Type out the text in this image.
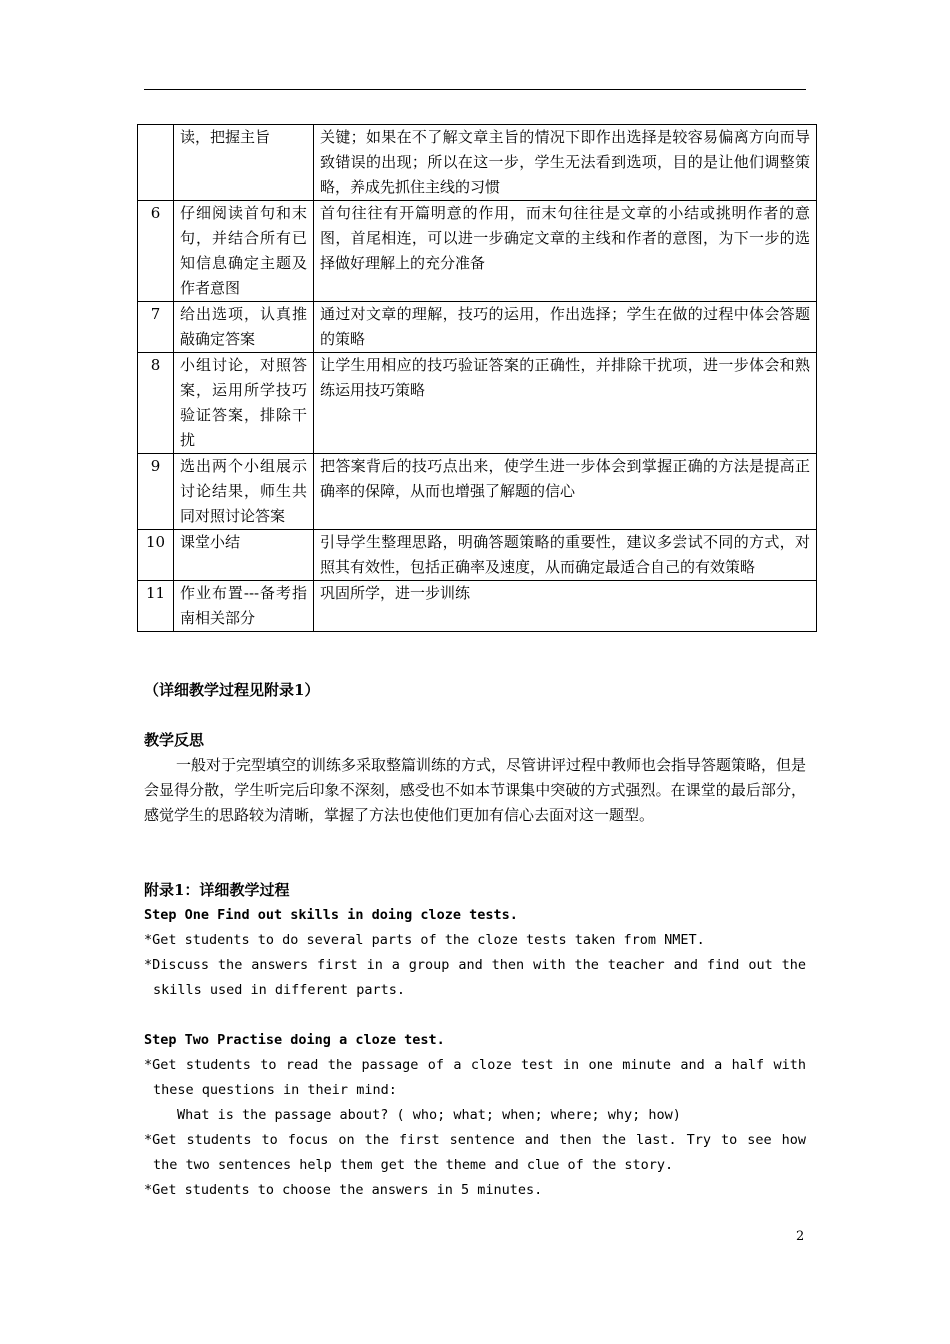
	读，把握主旨	关键；如果在不了解文章主旨的情况下即作出选择是较容易偏离方向而导致错误的出现；所以在这一步，学生无法看到选项，目的是让他们调整策略，养成先抓住主线的习惯
6	仔细阅读首句和末句，并结合所有已知信息确定主题及作者意图	首句往往有开篇明意的作用，而末句往往是文章的小结或挑明作者的意图，首尾相连，可以进一步确定文章的主线和作者的意图，为下一步的选择做好理解上的充分准备
7	给出选项，认真推敲确定答案	通过对文章的理解，技巧的运用，作出选择；学生在做的过程中体会答题的策略
8	小组讨论，对照答案，运用所学技巧验证答案，排除干扰	让学生用相应的技巧验证答案的正确性，并排除干扰项，进一步体会和熟练运用技巧策略
9	选出两个小组展示讨论结果，师生共同对照讨论答案	把答案背后的技巧点出来，使学生进一步体会到掌握正确的方法是提高正确率的保障，从而也增强了解题的信心
10	课堂小结	引导学生整理思路，明确答题策略的重要性，建议多尝试不同的方式，对照其有效性，包括正确率及速度，从而确定最适合自己的有效策略
11	作业布置---备考指南相关部分	巩固所学，进一步训练
（详细教学过程见附录1）

教学反思

一般对于完型填空的训练多采取整篇训练的方式，尽管讲评过程中教师也会指导答题策略，但是会显得分散，学生听完后印象不深刻，感受也不如本节课集中突破的方式强烈。在课堂的最后部分，感觉学生的思路较为清晰，掌握了方法也使他们更加有信心去面对这一题型。

附录1：详细教学过程

Step One Find out skills in doing cloze tests.

*Get students to do several parts of the cloze tests taken from NMET.

*Discuss the answers first in a group and then with the teacher and find out the skills used in different parts.

Step Two Practise doing a cloze test.

*Get students to read the passage of a cloze test in one minute and a half with these questions in their mind:

What is the passage about? ( who; what; when; where; why; how)

*Get students to focus on the first sentence and then the last. Try to see how the two sentences help them get the theme and clue of the story.

*Get students to choose the answers in 5 minutes.

2
